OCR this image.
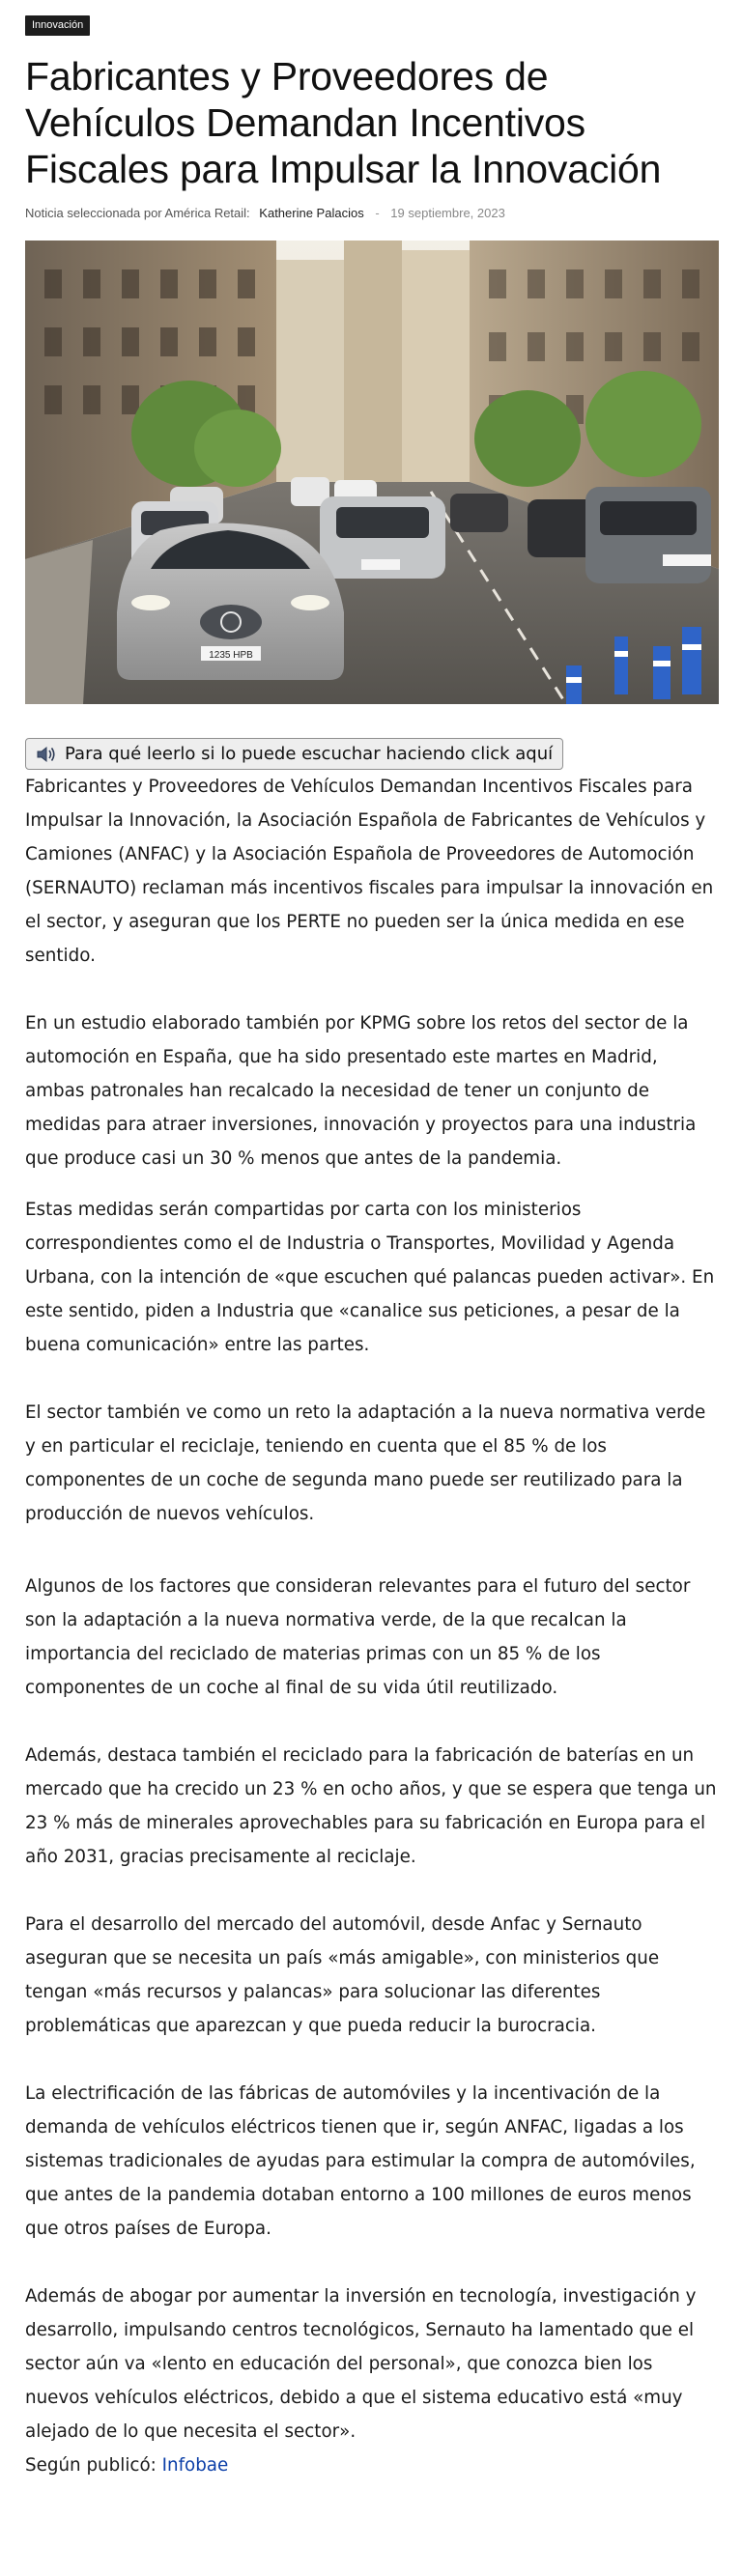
Innovación
Fabricantes y Proveedores de Vehículos Demandan Incentivos Fiscales para Impulsar la Innovación
Noticia seleccionada por América Retail: Katherine Palacios - 19 septiembre, 2023
1235 HPB
Para qué leerlo si lo puede escuchar haciendo click aquí

Fabricantes y Proveedores de Vehículos Demandan Incentivos Fiscales para Impulsar la Innovación, la Asociación Española de Fabricantes de Vehículos y Camiones (ANFAC) y la Asociación Española de Proveedores de Automoción (SERNAUTO) reclaman más incentivos fiscales para impulsar la innovación en el sector, y aseguran que los PERTE no pueden ser la única medida en ese sentido.

En un estudio elaborado también por KPMG sobre los retos del sector de la automoción en España, que ha sido presentado este martes en Madrid, ambas patronales han recalcado la necesidad de tener un conjunto de medidas para atraer inversiones, innovación y proyectos para una industria que produce casi un 30 % menos que antes de la pandemia.

Estas medidas serán compartidas por carta con los ministerios correspondientes como el de Industria o Transportes, Movilidad y Agenda Urbana, con la intención de «que escuchen qué palancas pueden activar». En este sentido, piden a Industria que «canalice sus peticiones, a pesar de la buena comunicación» entre las partes.

El sector también ve como un reto la adaptación a la nueva normativa verde y en particular el reciclaje, teniendo en cuenta que el 85 % de los componentes de un coche de segunda mano puede ser reutilizado para la producción de nuevos vehículos.

Algunos de los factores que consideran relevantes para el futuro del sector son la adaptación a la nueva normativa verde, de la que recalcan la importancia del reciclado de materias primas con un 85 % de los componentes de un coche al final de su vida útil reutilizado.

Además, destaca también el reciclado para la fabricación de baterías en un mercado que ha crecido un 23 % en ocho años, y que se espera que tenga un 23 % más de minerales aprovechables para su fabricación en Europa para el año 2031, gracias precisamente al reciclaje.

Para el desarrollo del mercado del automóvil, desde Anfac y Sernauto aseguran que se necesita un país «más amigable», con ministerios que tengan «más recursos y palancas» para solucionar las diferentes problemáticas que aparezcan y que pueda reducir la burocracia.

La electrificación de las fábricas de automóviles y la incentivación de la demanda de vehículos eléctricos tienen que ir, según ANFAC, ligadas a los sistemas tradicionales de ayudas para estimular la compra de automóviles, que antes de la pandemia dotaban entorno a 100 millones de euros menos que otros países de Europa.

Además de abogar por aumentar la inversión en tecnología, investigación y desarrollo, impulsando centros tecnológicos, Sernauto ha lamentado que el sector aún va «lento en educación del personal», que conozca bien los nuevos vehículos eléctricos, debido a que el sistema educativo está «muy alejado de lo que necesita el sector».

Según publicó: Infobae
